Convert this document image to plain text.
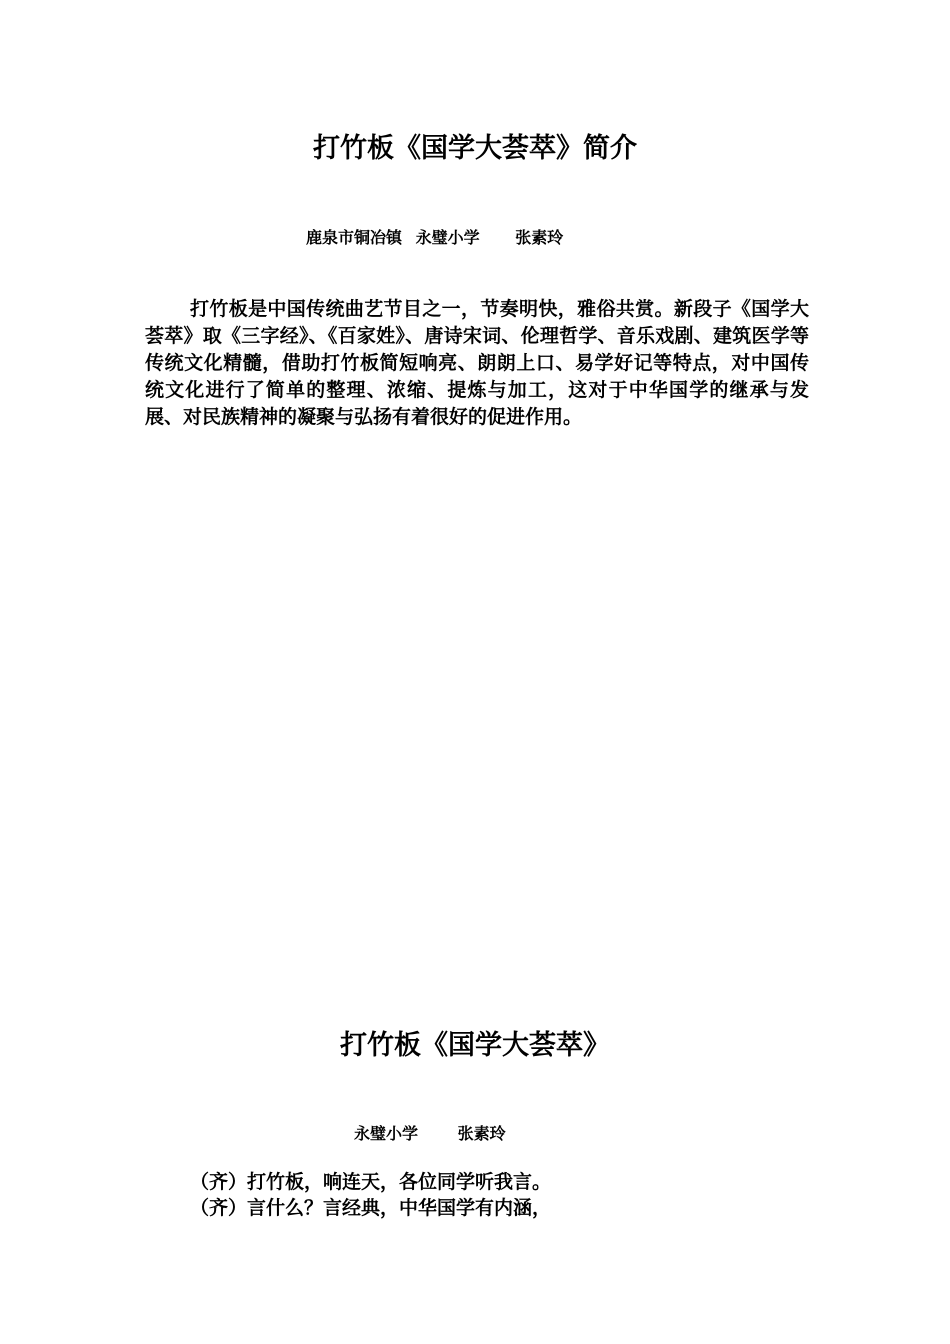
打竹板《国学大荟萃》简介
鹿泉市铜冶镇 永璧小学 张素玲

打竹板是中国传统曲艺节目之一，节奏明快，雅俗共赏。新段子《国学大荟萃》取《三字经》、《百家姓》、唐诗宋词、伦理哲学、音乐戏剧、建筑医学等传统文化精髓，借助打竹板简短响亮、朗朗上口、易学好记等特点，对中国传统文化进行了简单的整理、浓缩、提炼与加工，这对于中华国学的继承与发展、对民族精神的凝聚与弘扬有着很好的促进作用。

打竹板《国学大荟萃》
永璧小学 张素玲
（齐）打竹板，响连天，各位同学听我言。
（齐）言什么？言经典，中华国学有内涵，
